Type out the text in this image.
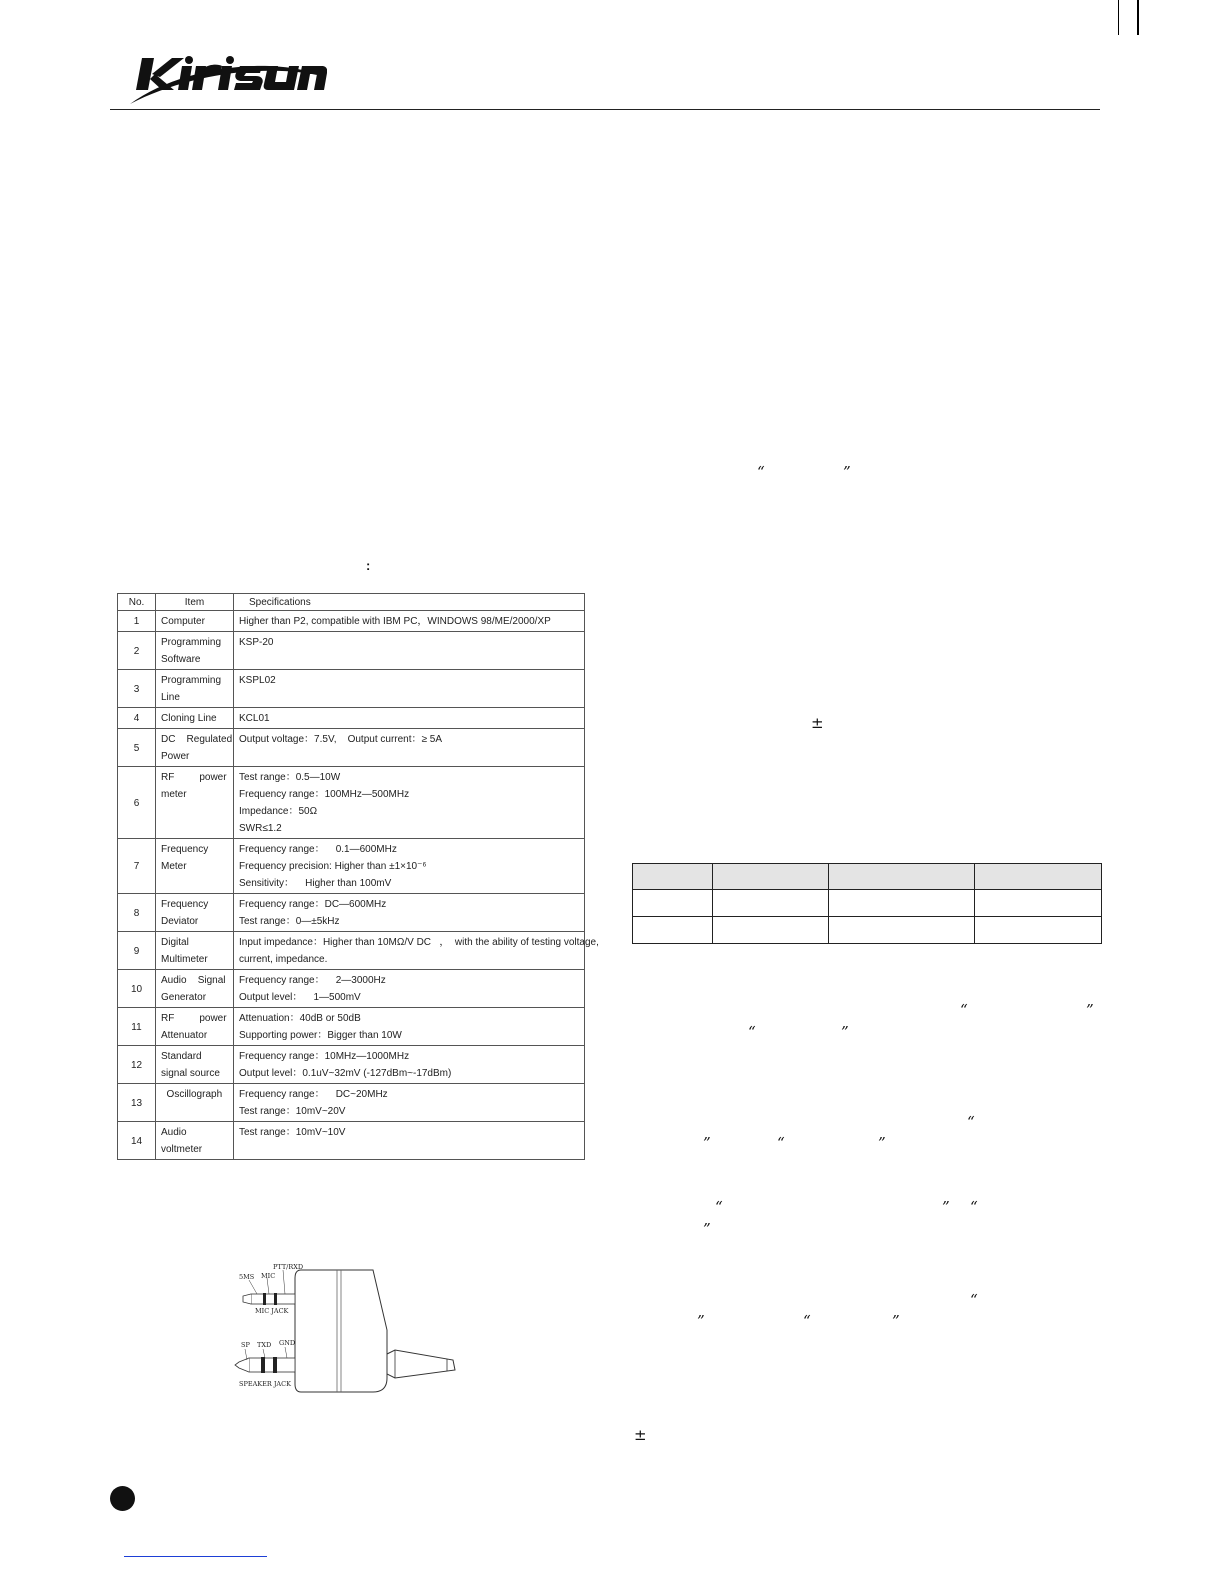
:
“	”
±
“	”
“	”
“
”	“	”
“	” “
”
“
”	“	”
±
No.	Item	Specifications
1	Computer	Higher than P2, compatible with IBM PC，WINDOWS 98/ME/2000/XP

2	Programming
Software	KSP-20

3	Programming
Line	KSPL02

4	Cloning Line	KCL01

5	DC    Regulated
Power	Output voltage：7.5V,    Output current：≥ 5A

6	RF         power
meter	Test range：0.5—10W
Frequency range：100MHz—500MHz
Impedance：50Ω
SWR≤1.2

7	Frequency
Meter	Frequency range：    0.1—600MHz
Frequency precision: Higher than ±1×10⁻⁶
Sensitivity：    Higher than 100mV

8	Frequency
Deviator	Frequency range：DC—600MHz
Test range：0—±5kHz

9	Digital
Multimeter	Input impedance：Higher than 10MΩ/V DC   ，  with the ability of testing voltage,
current, impedance.

10	Audio    Signal
Generator	Frequency range：    2—3000Hz
Output level：    1—500mV

11	RF         power
Attenuator	Attenuation：40dB or 50dB
Supporting power：Bigger than 10W

12	Standard
signal source	Frequency range：10MHz—1000MHz
Output level：0.1uV~32mV (-127dBm~-17dBm)

13	Oscillograph	Frequency range：    DC~20MHz
Test range：10mV~20V

14	Audio
voltmeter	Test range：10mV~10V

PTT/RXD
MIC
5MS
MIC JACK
SP TXD GND
SPEAKER JACK
